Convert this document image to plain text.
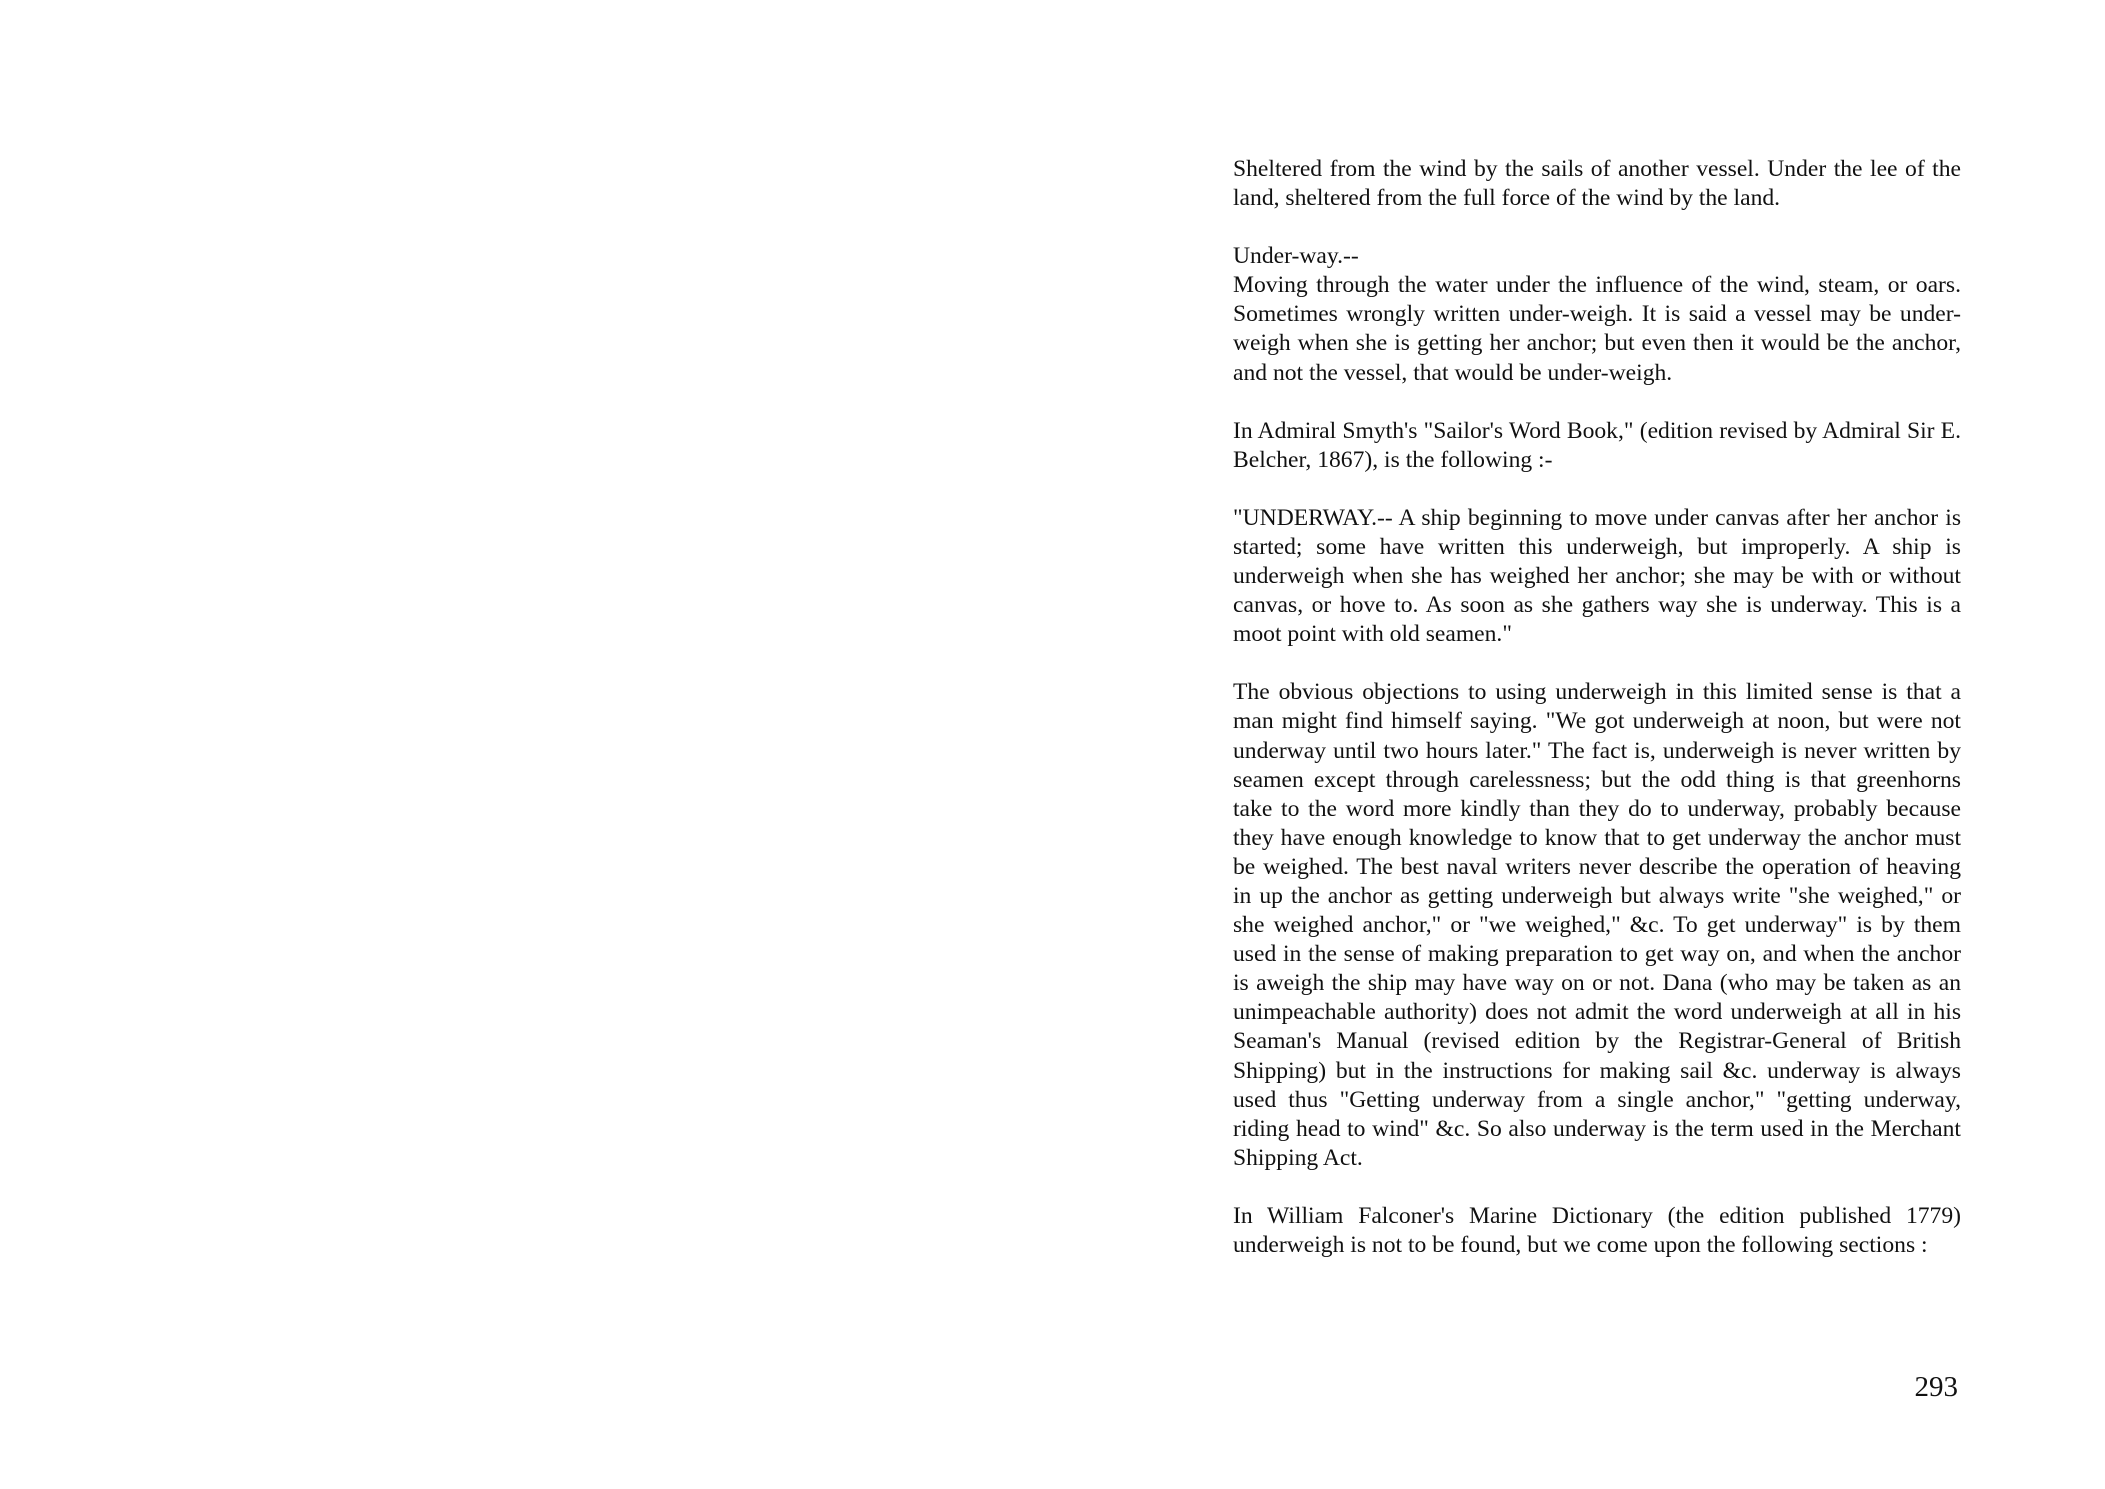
Sheltered from the wind by the sails of another vessel. Under the lee of the land, sheltered from the full force of the wind by the land.

Under-way.--

Moving through the water under the influence of the wind, steam, or oars. Sometimes wrongly written under-weigh. It is said a vessel may be under-weigh when she is getting her anchor; but even then it would be the anchor, and not the vessel, that would be under-weigh.

In Admiral Smyth's "Sailor's Word Book," (edition revised by Admiral Sir E. Belcher, 1867), is the following :-

"UNDERWAY.-- A ship beginning to move under canvas after her anchor is started; some have written this underweigh, but improperly. A ship is underweigh when she has weighed her anchor; she may be with or without canvas, or hove to. As soon as she gathers way she is underway. This is a moot point with old seamen."

The obvious objections to using underweigh in this limited sense is that a man might find himself saying. "We got underweigh at noon, but were not underway until two hours later." The fact is, underweigh is never written by seamen except through carelessness; but the odd thing is that greenhorns take to the word more kindly than they do to underway, probably because they have enough knowledge to know that to get underway the anchor must be weighed. The best naval writers never describe the operation of heaving in up the anchor as getting underweigh but always write "she weighed," or she weighed anchor," or "we weighed," &c. To get underway" is by them used in the sense of making preparation to get way on, and when the anchor is aweigh the ship may have way on or not. Dana (who may be taken as an unimpeachable authority) does not admit the word underweigh at all in his Seaman's Manual (revised edition by the Registrar-General of British Shipping) but in the instructions for making sail &c. underway is always used thus "Getting underway from a single anchor," "getting underway, riding head to wind" &c. So also underway is the term used in the Merchant Shipping Act.

In William Falconer's Marine Dictionary (the edition published 1779) underweigh is not to be found, but we come upon the following sections :

293
